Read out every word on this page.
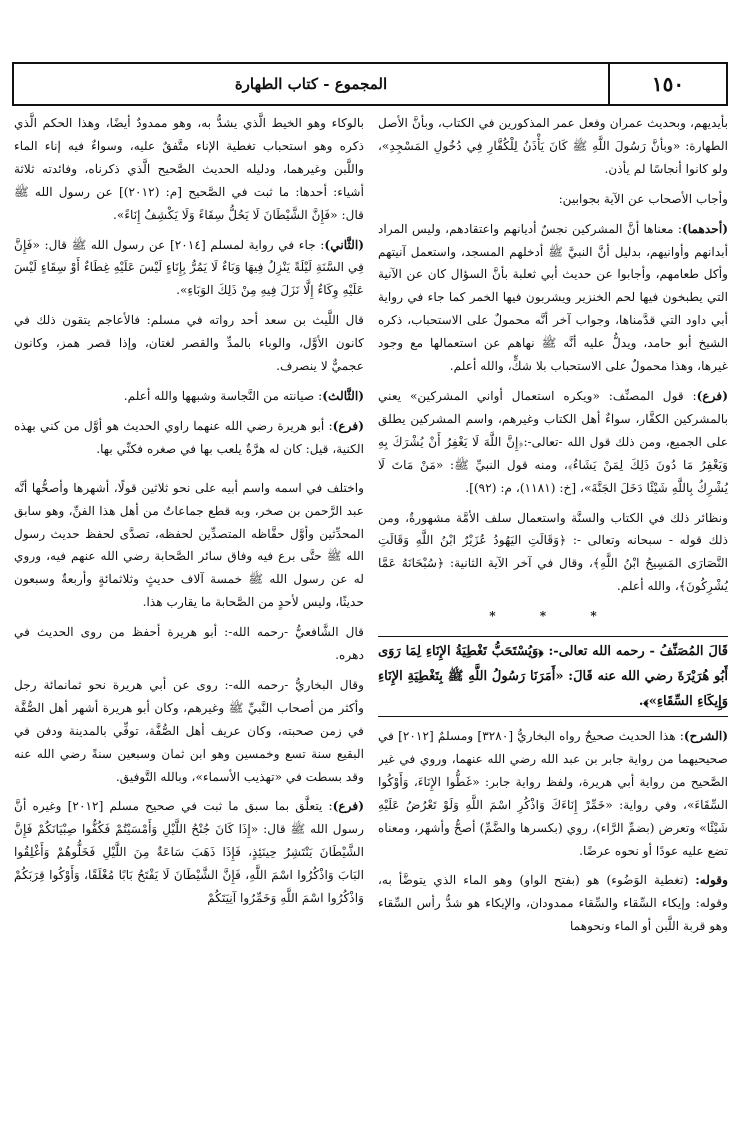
١٥٠
المجموع - كتاب الطهارة

بأيديهم، وبحديث عمران وفعل عمر المذكورين في الكتاب، وبأنَّ الأصل الطهارة: «وبأنَّ رَسُولَ اللَّهِ ﷺ كَانَ يَأْذَنُ لِلْكُفَّارِ فِي دُخُولِ المَسْجِدِ»، ولو كانوا أنجاسًا لم يأذن.

وأجاب الأصحاب عن الآية بجوابين:

(أحدهما): معناها أنَّ المشركين نجسٌ أديانهم واعتقادهم، وليس المراد أبدانهم وأوانيهم، بدليل أنَّ النبيَّ ﷺ أدخلهم المسجد، واستعمل آنيتهم وأكل طعامهم، وأجابوا عن حديث أبي ثعلبة بأنَّ السؤال كان عن الآنية التي يطبخون فيها لحم الخنزير ويشربون فيها الخمر كما جاء في رواية أبي داود التي قدَّمناها، وجواب آخر أنَّه محمولٌ على الاستحباب، ذكره الشيخ أبو حامد، ويدلُّ عليه أنَّه ﷺ نهاهم عن استعمالها مع وجود غيرها، وهذا محمولٌ على الاستحباب بلا شكٍّ، والله أعلم.

(فرع): قول المصنِّف: «ويكره استعمال أواني المشركين» يعني بالمشركين الكفَّار، سواءٌ أهل الكتاب وغيرهم، واسم المشركين يطلق على الجميع، ومن ذلك قول الله -تعالى-:﴿إِنَّ اللَّهَ لَا يَغْفِرُ أَنْ يُشْرَكَ بِهِ وَيَغْفِرُ مَا دُونَ ذَلِكَ لِمَنْ يَشَاءُ﴾، ومنه قول النبيِّ ﷺ: «مَنْ مَاتَ لَا يُشْرِكُ بِاللَّهِ شَيْئًا دَخَلَ الجَنَّةَ»، [خ: (١١٨١)، م: (٩٢)].

ونظائر ذلك في الكتاب والسنَّة واستعمال سلف الأمَّة مشهورةٌ، ومن ذلك قوله - سبحانه وتعالى -: ﴿وَقَالَتِ اليَهُودُ عُزَيْرٌ ابْنُ اللَّهِ وَقَالَتِ النَّصَارَى المَسِيحُ ابْنُ اللَّهِ﴾، وقال في آخر الآية الثانية: ﴿سُبْحَانَهُ عَمَّا يُشْرِكُونَ﴾، والله أعلم.

* * *
قَالَ المُصَنِّفُ - رحمه الله تعالى-: ﴿وَيُسْتَحَبُّ تَغْطِيَةُ الإِنَاءِ لِمَا رَوَى أَبُو هُرَيْرَةَ رضي الله عنه قَالَ: «أَمَرَنَا رَسُولُ اللَّهِ ﷺ بِتَغْطِيَةِ الإِنَاءِ وَإِيكَاءِ السِّقَاءِ»﴾.

(الشرح): هذا الحديث صحيحٌ رواه البخاريُّ [٣٢٨٠] ومسلمٌ [٢٠١٢] في صحيحيهما من رواية جابر بن عبد الله رضي الله عنهما، وروي في غير الصَّحيح من رواية أبي هريرة، ولفظ رواية جابر: «غَطُّوا الإِنَاءَ، وَأَوْكُوا السِّقَاءَ»، وفي رواية: «خَمِّرْ إِنَاءَكَ وَاذْكُرِ اسْمَ اللَّهِ وَلَوْ تَعْرُضُ عَلَيْهِ شَيْئًا» وتعرض (بضمِّ الرَّاء)، روي (بكسرها والضَّمِّ) أصحُّ وأشهر، ومعناه تضع عليه عودًا أو نحوه عرضًا.

وقوله: (تغطية الوَضُوء) هو (بفتح الواو) وهو الماء الذي يتوضَّأ به، وقوله: وإيكاء السِّقاء والسِّقاء ممدودان، والإيكاء هو شدُّ رأس السِّقاء وهو قربة اللَّبن أو الماء ونحوهما

بالوكاء وهو الخيط الَّذي يشدُّ به، وهو ممدودٌ أيضًا، وهذا الحكم الَّذي ذكره وهو استحباب تغطية الإناء متَّفقٌ عليه، وسواءٌ فيه إناء الماء واللَّبن وغيرهما، ودليله الحديث الصَّحيح الَّذي ذكرناه، وفائدته ثلاثة أشياء: أحدها: ما ثبت في الصَّحيح [م: (٢٠١٢)] عن رسول الله ﷺ قال: «فَإِنَّ الشَّيْطَانَ لَا يَحُلُّ سِقَاءً وَلَا يَكْشِفُ إِنَاءً».

(الثَّاني): جاء في رواية لمسلم [٢٠١٤] عن رسول الله ﷺ قال: «فَإِنَّ فِي السَّنَةِ لَيْلَةً يَنْزِلُ فِيهَا وَبَاءٌ لَا يَمُرُّ بِإِنَاءٍ لَيْسَ عَلَيْهِ غِطَاءٌ أَوْ سِقَاءٍ لَيْسَ عَلَيْهِ وِكَاءٌ إِلَّا نَزَلَ فِيهِ مِنْ ذَلِكَ الوَبَاءِ».

قال اللَّيث بن سعد أحد رواته في مسلم: فالأعاجم يتقون ذلك في كانون الأوَّل، والوباء بالمدِّ والقصر لغتان، وإذا قصر همز، وكانون عجميٌّ لا ينصرف.

(الثَّالث): صيانته من النَّجاسة وشبهها والله أعلم.

(فرع): أبو هريرة رضي الله عنهما راوي الحديث هو أوَّل من كني بهذه الكنية، قيل: كان له هرَّةٌ يلعب بها في صغره فكنِّي بها.

واختلف في اسمه واسم أبيه على نحو ثلاثين قولًا، أشهرها وأصحُّها أنَّه عبد الرَّحمن بن صخر، وبه قطع جماعاتٌ من أهل هذا الفنِّ، وهو سابق المحدِّثين وأوَّل حفَّاظه المتصدِّين لحفظه، تصدَّى لحفظ حديث رسول الله ﷺ حتَّى برع فيه وفاق سائر الصَّحابة رضي الله عنهم فيه، وروي له عن رسول الله ﷺ خمسة آلاف حديثٍ وثلاثمائةٍ وأربعةٌ وسبعون حديثًا، وليس لأحدٍ من الصَّحابة ما يقارب هذا.

قال الشَّافعيُّ -رحمه الله-: أبو هريرة أحفظ من روى الحديث في دهره.

وقال البخاريُّ -رحمه الله-: روى عن أبي هريرة نحو ثمانمائة رجل وأكثر من أصحاب النَّبيِّ ﷺ وغيرهم، وكان أبو هريرة أشهر أهل الصُّفَّة في زمن صحبته، وكان عريف أهل الصُّفَّة، توفِّي بالمدينة ودفن في البقيع سنة تسع وخمسين وهو ابن ثمان وسبعين سنةً رضي الله عنه وقد بسطت في «تهذيب الأسماء»، وبالله التَّوفيق.

(فرع): يتعلَّق بما سبق ما ثبت في صحيح مسلم [٢٠١٢] وغيره أنَّ رسول الله ﷺ قال: «إِذَا كَانَ جُنْحُ اللَّيْلِ وَأَمْسَيْتُمْ فَكُفُّوا صِبْيَانَكُمْ فَإِنَّ الشَّيْطَانَ يَنْتَشِرُ حِينَئِذٍ، فَإِذَا ذَهَبَ سَاعَةٌ مِنَ اللَّيْلِ فَخَلُّوهُمْ وَأَغْلِقُوا البَابَ وَاذْكُرُوا اسْمَ اللَّهِ، فَإِنَّ الشَّيْطَانَ لَا يَفْتَحُ بَابًا مُغْلَقًا، وَأَوْكُوا قِرَبَكُمْ وَاذْكُرُوا اسْمَ اللَّهِ وَخَمِّرُوا آنِيَتَكُمْ
